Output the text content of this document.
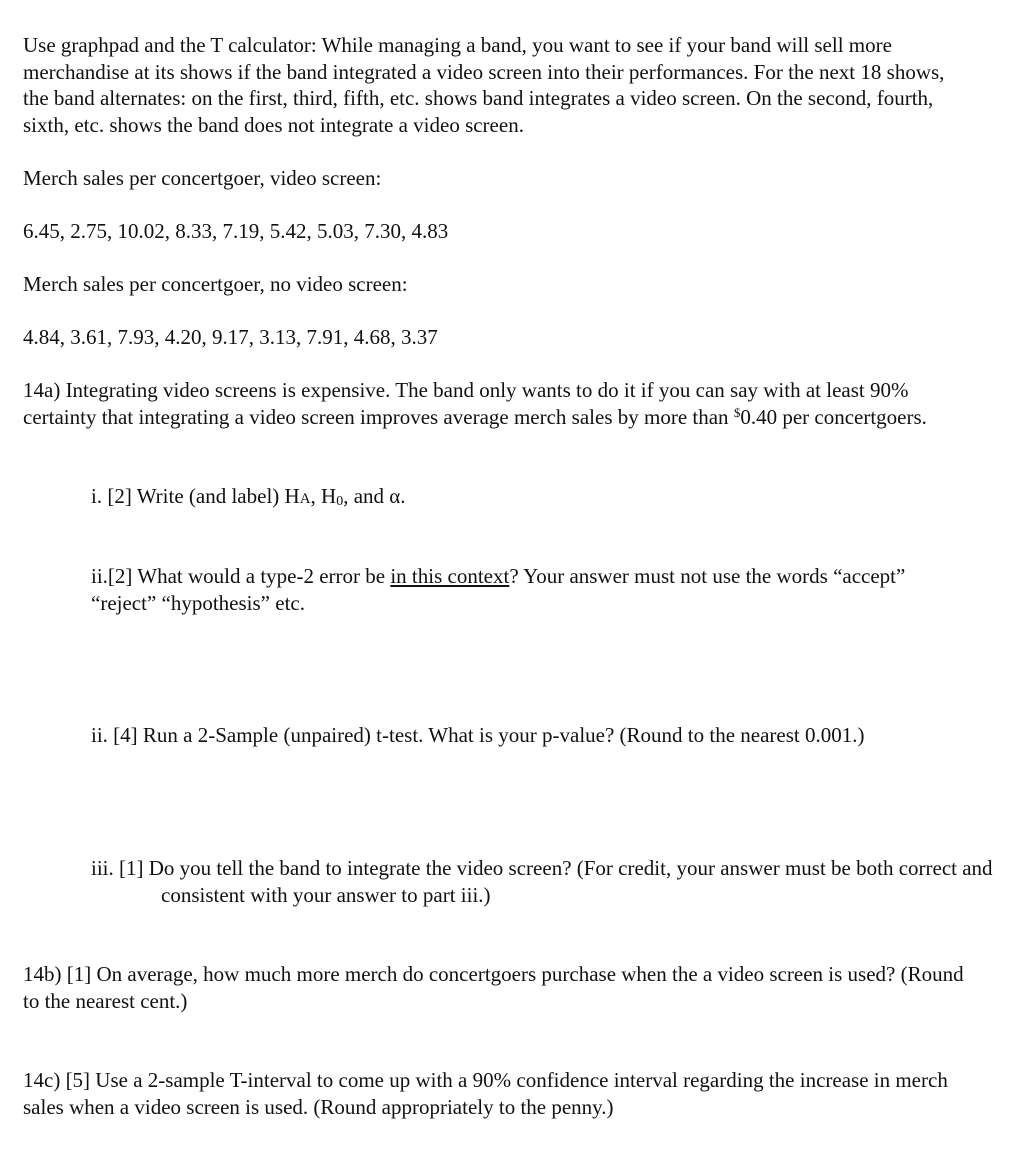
Use graphpad and the T calculator: While managing a band, you want to see if your band will sell more merchandise at its shows if the band integrated a video screen into their performances. For the next 18 shows, the band alternates: on the first, third, fifth, etc. shows band integrates a video screen. On the second, fourth, sixth, etc. shows the band does not integrate a video screen.

Merch sales per concertgoer, video screen:

6.45, 2.75, 10.02, 8.33, 7.19, 5.42, 5.03, 7.30, 4.83

Merch sales per concertgoer, no video screen:

4.84, 3.61, 7.93, 4.20, 9.17, 3.13, 7.91, 4.68, 3.37

14a) Integrating video screens is expensive. The band only wants to do it if you can say with at least 90% certainty that integrating a video screen improves average merch sales by more than $0.40 per concertgoers.

i. [2] Write (and label) HA, $H_0$, and α.

ii.[2] What would a type-2 error be in this context? Your answer must not use the words “accept” “reject” “hypothesis” etc.

ii. [4] Run a 2-Sample (unpaired) t-test. What is your p-value? (Round to the nearest 0.001.)

iii. [1] Do you tell the band to integrate the video screen? (For credit, your answer must be both correct and consistent with your answer to part iii.)

14b) [1] On average, how much more merch do concertgoers purchase when the a video screen is used? (Round to the nearest cent.)

14c) [5] Use a 2-sample T-interval to come up with a 90% confidence interval regarding the increase in merch sales when a video screen is used. (Round appropriately to the penny.)
